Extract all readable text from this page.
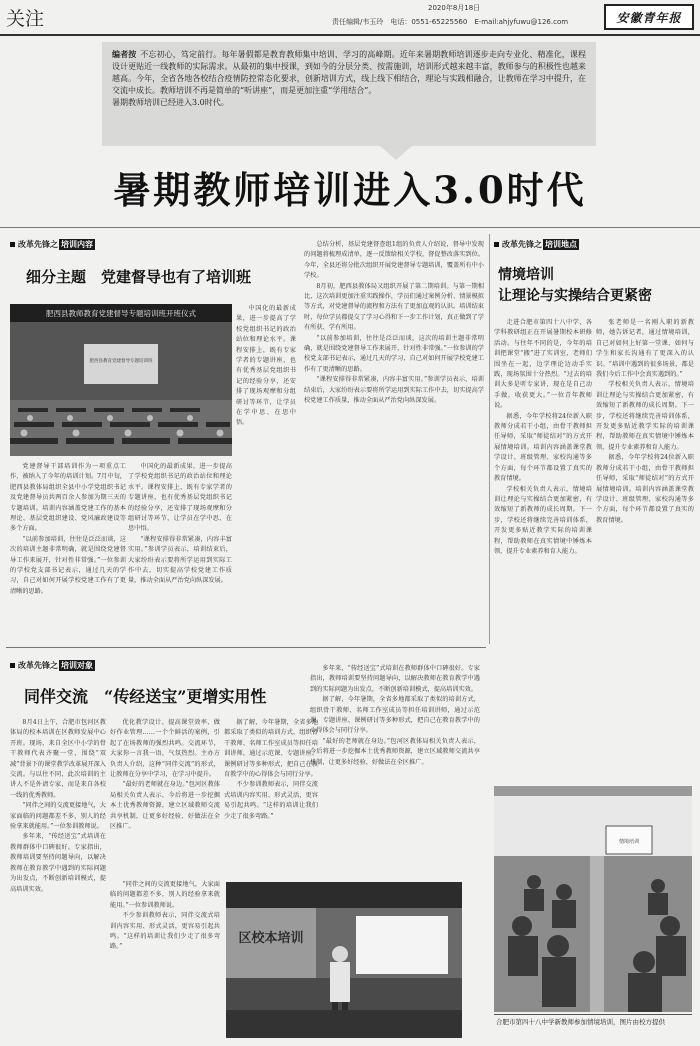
关注	2020年8月18日
责任编辑/韦玉玲　电话：0551-65225560　E-mail:ahjyfuwu@126.com	安徽青年报
编者按 不忘初心，笃定前行。每年暑假都是教育教师集中培训、学习的高峰期。近年来暑期教师培训逐步走向专业化、精准化，课程设计更贴近一线教师的实际需求。从最初的集中授课，到如今的分层分类、按需施训，培训形式越来越丰富，教师参与的积极性也越来越高。今年，全省各地各校结合疫情防控常态化要求，创新培训方式，线上线下相结合，理论与实践相融合，让教师在学习中提升，在交流中成长。教师培训不再是简单的“听讲座”，而是更加注重“学用结合”。
暑期教师培训已经进入3.0时代。
暑期教师培训进入3.0时代
改革先锋之 培训内容
细分主题　党建督导也有了培训班
肥西县教师教育党建督导专题培训班开班仪式
肥西县教育党建督导专题培训班

党建督导干部培训作为一项重点工作，被纳入了今年的培训计划。7月中旬，肥西县教体局组织全县中小学党组织书记及党建督导员共两百余人参加为期三天的专题培训。培训内容涵盖党建工作的基本理论、基层党组织建设、党风廉政建设等多个方面。

“以前参加培训，往往是泛泛而谈，这次的培训主题非常明确，就是围绕党建督导工作来展开，针对性非常强。”一位参训的学校党支部书记表示，通过几天的学习，自己对如何开展学校党建工作有了更清晰的思路。

中国化的最新成果，进一步提高了学校党组织书记的政治站位和理论水平。课程安排上，既有专家学者的专题讲座，也有优秀基层党组织书记的经验分享，还安排了现场观摩和分组研讨等环节，让学员在学中思、在思中悟。

“课程安排得非常紧凑，内容丰富实用。”参训学员表示，培训结束后，大家纷纷表示要将所学运用到实际工作中去，切实提高学校党建工作质量，推动全面从严治党向纵深发展。

中国化的最新成果，进一步提高了学校党组织书记的政治站位和理论水平。课程安排上，既有专家学者的专题讲座，也有优秀基层党组织书记的经验分享，还安排了现场观摩和分组研讨等环节，让学员在学中思、在思中悟。

总结分析，基层党建督查组1组的负责人介绍说，督导中发现的问题将梳理成清单，逐一反馈给相关学校，督促整改落实到位。今年，全县还将分批次组织开展党建督导专题培训，覆盖所有中小学校。

8月初，肥西县教体局又组织开展了第二期培训。与第一期相比，这次培训更加注重实践操作，学员们通过案例分析、情景模拟等方式，对党建督导的流程和方法有了更加直观的认识。培训结束时，每位学员都提交了学习心得和下一步工作计划，真正做到了学有所获、学有所用。

“以前参加培训，往往是泛泛而谈，这次的培训主题非常明确，就是围绕党建督导工作来展开，针对性非常强。”一位参训的学校党支部书记表示，通过几天的学习，自己对如何开展学校党建工作有了更清晰的思路。

“课程安排得非常紧凑，内容丰富实用。”参训学员表示，培训结束后，大家纷纷表示要将所学运用到实际工作中去，切实提高学校党建工作质量，推动全面从严治党向纵深发展。

改革先锋之 培训地点
情境培训
让理论与实操结合更紧密

走进合肥市第四十八中学，各学科教研组正在开展暑期校本研修活动。与往年不同的是，今年的培训把课堂“搬”进了实训室，老师们围坐在一起，边学理论边动手实践，现场氛围十分热烈。“过去的培训大多是听专家讲，现在是自己动手做，收获更大。”一位青年教师说。

据悉，今年学校将24位新入职教师分成若干小组，由骨干教师担任导师，采取“师徒结对”的方式开展情境培训。培训内容涵盖课堂教学设计、班级管理、家校沟通等多个方面，每个环节都设置了真实的教育情境。

学校相关负责人表示，情境培训让理论与实操结合更加紧密，有效缩短了新教师的成长周期。下一步，学校还将继续完善培训体系，开发更多贴近教学实际的培训课程，帮助教师在真实情境中锤炼本领，提升专业素养和育人能力。

张老师是一名刚入职的新教师，她告诉记者，通过情境培训，自己对如何上好第一堂课、如何与学生和家长沟通有了更深入的认识。“培训中遇到的很多场景，都是我们今后工作中会真实遇到的。”

学校相关负责人表示，情境培训让理论与实操结合更加紧密，有效缩短了新教师的成长周期。下一步，学校还将继续完善培训体系，开发更多贴近教学实际的培训课程，帮助教师在真实情境中锤炼本领，提升专业素养和育人能力。

据悉，今年学校将24位新入职教师分成若干小组，由骨干教师担任导师，采取“师徒结对”的方式开展情境培训。培训内容涵盖课堂教学设计、班级管理、家校沟通等多个方面，每个环节都设置了真实的教育情境。

情境培训
合肥市第四十八中学新教师参加情境培训，图片由校方提供
改革先锋之 培训对象
同伴交流　“传经送宝”更增实用性

8月4日上午，合肥市包河区教体局的校本培训在区教师发展中心开班。现场，来自全区中小学的骨干教师代表齐聚一堂，围绕“双减”背景下的课堂教学改革展开深入交流。与以往不同，此次培训的主讲人不是外请专家，而是来自各校一线的优秀教师。

“同伴之间的交流更接地气，大家面临的问题都差不多，别人的经验拿来就能用。”一位参训教师说。

多年来，“传经送宝”式培训在教师群体中口碑很好。专家指出，教师培训要坚持问题导向，以解决教师在教育教学中遇到的实际问题为出发点，不断创新培训模式，提高培训实效。

优化教学设计、提高课堂效率、做好作业管理……一个个鲜活的案例，引起了在场教师的强烈共鸣。交流环节，大家你一言我一语，气氛热烈。主办方负责人介绍，这种“同伴交流”的形式，让教师在分享中学习，在学习中提升。

“最好的老师就在身边。”包河区教体局相关负责人表示，今后将进一步挖掘本土优秀教师资源，建立区域教师交流共享机制，让更多好经验、好做法在全区推广。

据了解，今年暑期，全省多地都采取了类似的培训方式，组织骨干教师、名师工作室成员等担任培训讲师，通过示范课、专题讲座、课例研讨等多种形式，把自己在教育教学中的心得体会与同行分享。

不少参训教师表示，同伴交流式培训内容实用、形式灵活，更容易引起共鸣。“这样的培训让我们少走了很多弯路。”

多年来，“传经送宝”式培训在教师群体中口碑很好。专家指出，教师培训要坚持问题导向，以解决教师在教育教学中遇到的实际问题为出发点，不断创新培训模式，提高培训实效。

据了解，今年暑期，全省多地都采取了类似的培训方式，组织骨干教师、名师工作室成员等担任培训讲师，通过示范课、专题讲座、课例研讨等多种形式，把自己在教育教学中的心得体会与同行分享。

“最好的老师就在身边。”包河区教体局相关负责人表示，今后将进一步挖掘本土优秀教师资源，建立区域教师交流共享机制，让更多好经验、好做法在全区推广。

“同伴之间的交流更接地气，大家面临的问题都差不多，别人的经验拿来就能用。”一位参训教师说。

不少参训教师表示，同伴交流式培训内容实用、形式灵活，更容易引起共鸣。“这样的培训让我们少走了很多弯路。”

区校本培训
